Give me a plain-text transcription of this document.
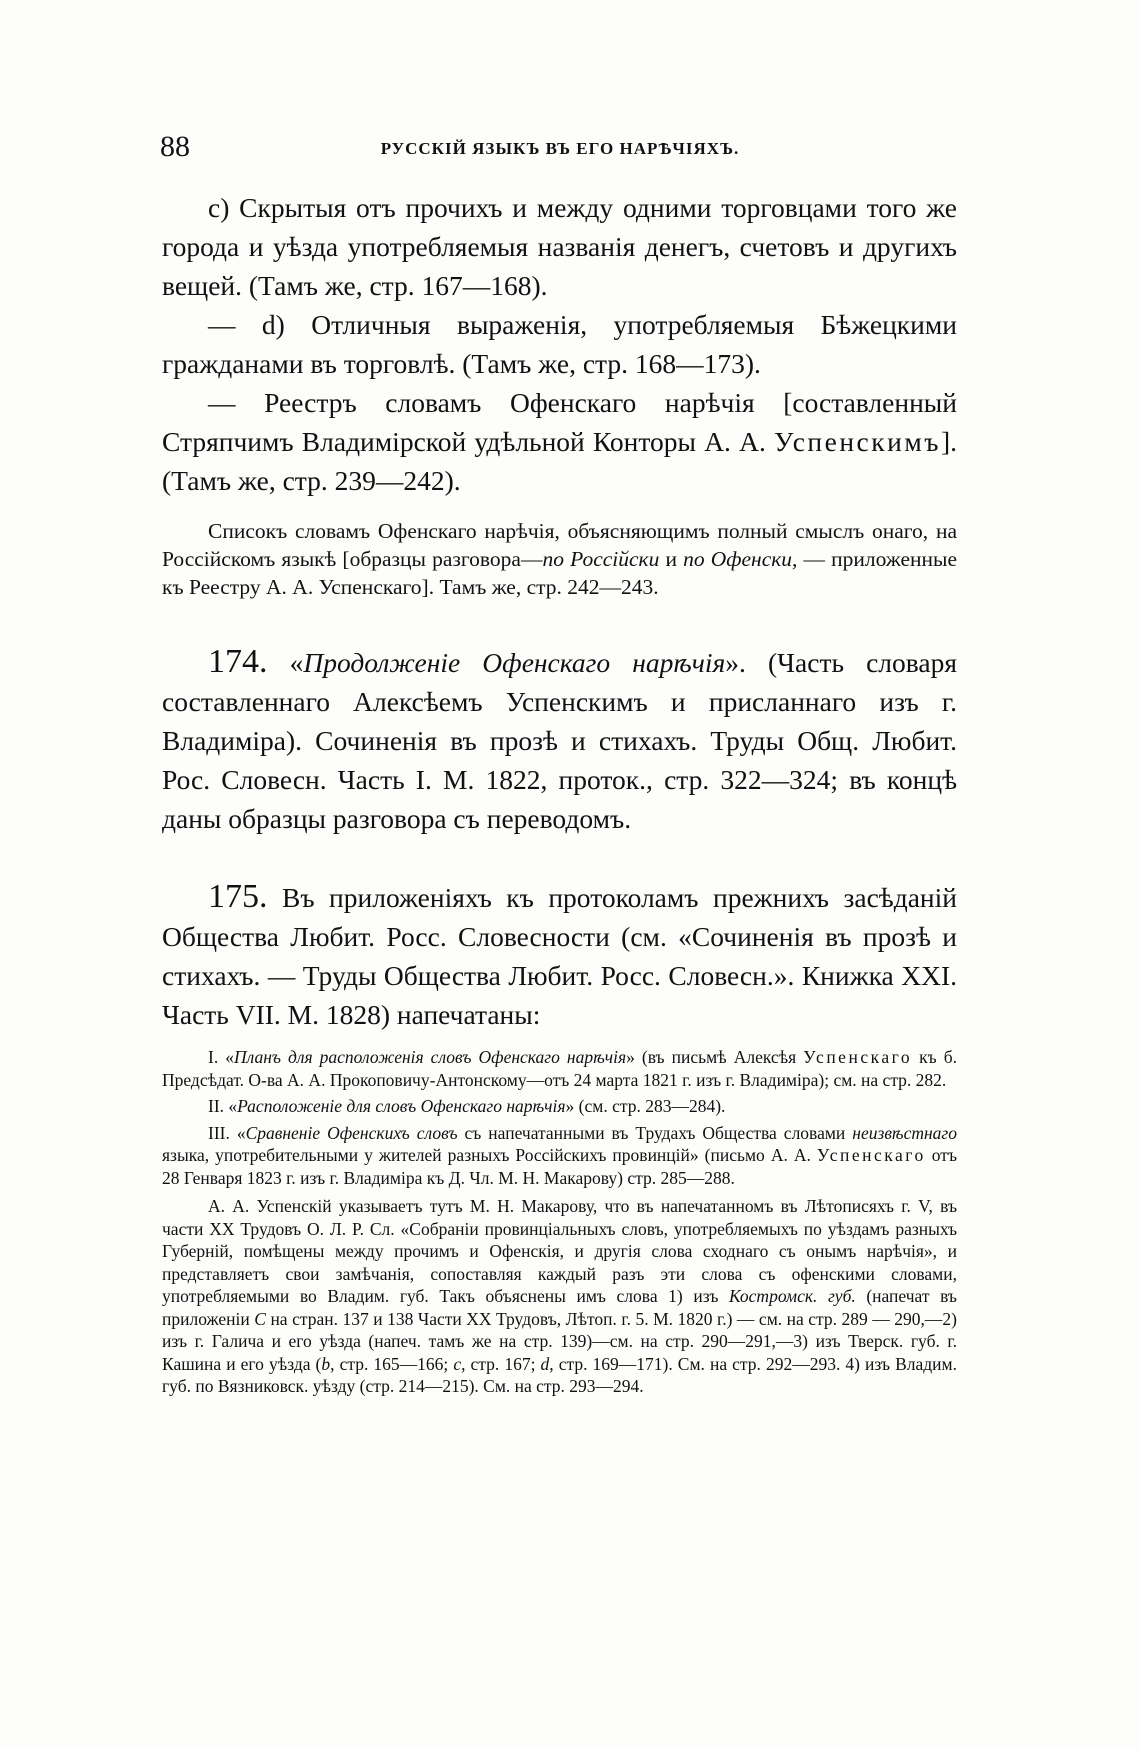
88	РУССКІЙ ЯЗЫКЪ ВЪ ЕГО НАРѢЧІЯХЪ.

c) Скрытыя отъ прочихъ и между одними торговцами того же города и уѣзда употребляемыя названія денегъ, счетовъ и другихъ вещей. (Тамъ же, стр. 167—168).

— d) Отличныя выраженія, употребляемыя Бѣжецкими гражданами въ торговлѣ. (Тамъ же, стр. 168—173).

— Реестръ словамъ Офенскаго нарѣчія [составленный Стряпчимъ Владимірской удѣльной Конторы А. А. Успенскимъ]. (Тамъ же, стр. 239—242).

Списокъ словамъ Офенскаго нарѣчія, объясняющимъ полный смыслъ онаго, на Россійскомъ языкѣ [образцы разговора—по Россійски и по Офенски, — приложенные къ Реестру А. А. Успенскаго]. Тамъ же, стр. 242—243.

174. «Продолженіе Офенскаго нарѣчія». (Часть словаря составленнаго Алексѣемъ Успенскимъ и присланнаго изъ г. Владиміра). Сочиненія въ прозѣ и стихахъ. Труды Общ. Любит. Рос. Словесн. Часть I. М. 1822, проток., стр. 322—324; въ концѣ даны образцы разговора съ переводомъ.

175. Въ приложеніяхъ къ протоколамъ прежнихъ засѣданій Общества Любит. Росс. Словесности (см. «Сочиненія въ прозѣ и стихахъ. — Труды Общества Любит. Росс. Словесн.». Книжка XXI. Часть VII. М. 1828) напечатаны:

I. «Планъ для расположенія словъ Офенскаго нарѣчія» (въ письмѣ Алексѣя Успенскаго къ б. Предсѣдат. О-ва А. А. Прокоповичу-Антонскому—отъ 24 марта 1821 г. изъ г. Владиміра); см. на стр. 282.

II. «Расположеніе для словъ Офенскаго нарѣчія» (см. стр. 283—284).

III. «Сравненіе Офенскихъ словъ съ напечатанными въ Трудахъ Общества словами неизвѣстнаго языка, употребительными у жителей разныхъ Россійскихъ провинцій» (письмо А. А. Успенскаго отъ 28 Генваря 1823 г. изъ г. Владиміра къ Д. Чл. М. Н. Макарову) стр. 285—288.

А. А. Успенскій указываетъ тутъ М. Н. Макарову, что въ напечатанномъ въ Лѣтописяхъ г. V, въ части XX Трудовъ О. Л. Р. Сл. «Собраніи провинціальныхъ словъ, употребляемыхъ по уѣздамъ разныхъ Губерній, помѣщены между прочимъ и Офенскія, и другія слова сходнаго съ онымъ нарѣчія», и представляетъ свои замѣчанія, сопоставляя каждый разъ эти слова съ офенскими словами, употребляемыми во Владим. губ. Такъ объяснены имъ слова 1) изъ Костромск. губ. (напечат въ приложеніи C на стран. 137 и 138 Части XX Трудовъ, Лѣтоп. г. 5. М. 1820 г.) — см. на стр. 289 — 290,—2) изъ г. Галича и его уѣзда (напеч. тамъ же на стр. 139)—см. на стр. 290—291,—3) изъ Тверск. губ. г. Кашина и его уѣзда (b, стр. 165—166; c, стр. 167; d, стр. 169—171). См. на стр. 292—293. 4) изъ Владим. губ. по Вязниковск. уѣзду (стр. 214—215). См. на стр. 293—294.
